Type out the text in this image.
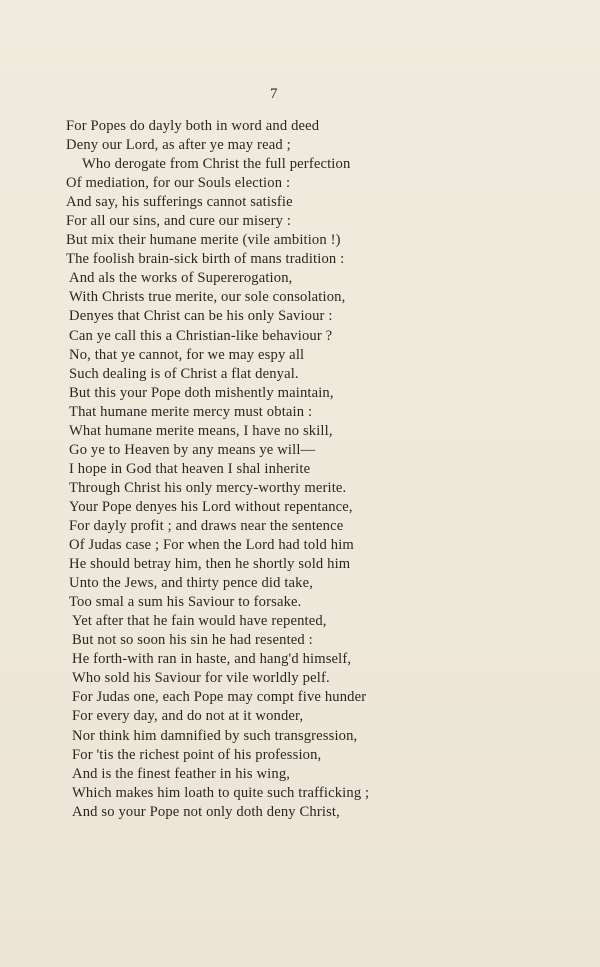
7
For Popes do dayly both in word and deed
Deny our Lord, as after ye may read ;
Who derogate from Christ the full perfection
Of mediation, for our Souls election :
And say, his sufferings cannot satisfie
For all our sins, and cure our misery :
But mix their humane merite (vile ambition !)
The foolish brain-sick birth of mans tradition :
And als the works of Supererogation,
With Christs true merite, our sole consolation,
Denyes that Christ can be his only Saviour :
Can ye call this a Christian-like behaviour ?
No, that ye cannot, for we may espy all
Such dealing is of Christ a flat denyal.
But this your Pope doth mishently maintain,
That humane merite mercy must obtain :
What humane merite means, I have no skill,
Go ye to Heaven by any means ye will—
I hope in God that heaven I shal inherite
Through Christ his only mercy-worthy merite.
Your Pope denyes his Lord without repentance,
For dayly profit ; and draws near the sentence
Of Judas case ; For when the Lord had told him
He should betray him, then he shortly sold him
Unto the Jews, and thirty pence did take,
Too smal a sum his Saviour to forsake.
Yet after that he fain would have repented,
But not so soon his sin he had resented :
He forth-with ran in haste, and hang'd himself,
Who sold his Saviour for vile worldly pelf.
For Judas one, each Pope may compt five hunder
For every day, and do not at it wonder,
Nor think him damnified by such transgression,
For 'tis the richest point of his profession,
And is the finest feather in his wing,
Which makes him loath to quite such trafficking ;
And so your Pope not only doth deny Christ,
